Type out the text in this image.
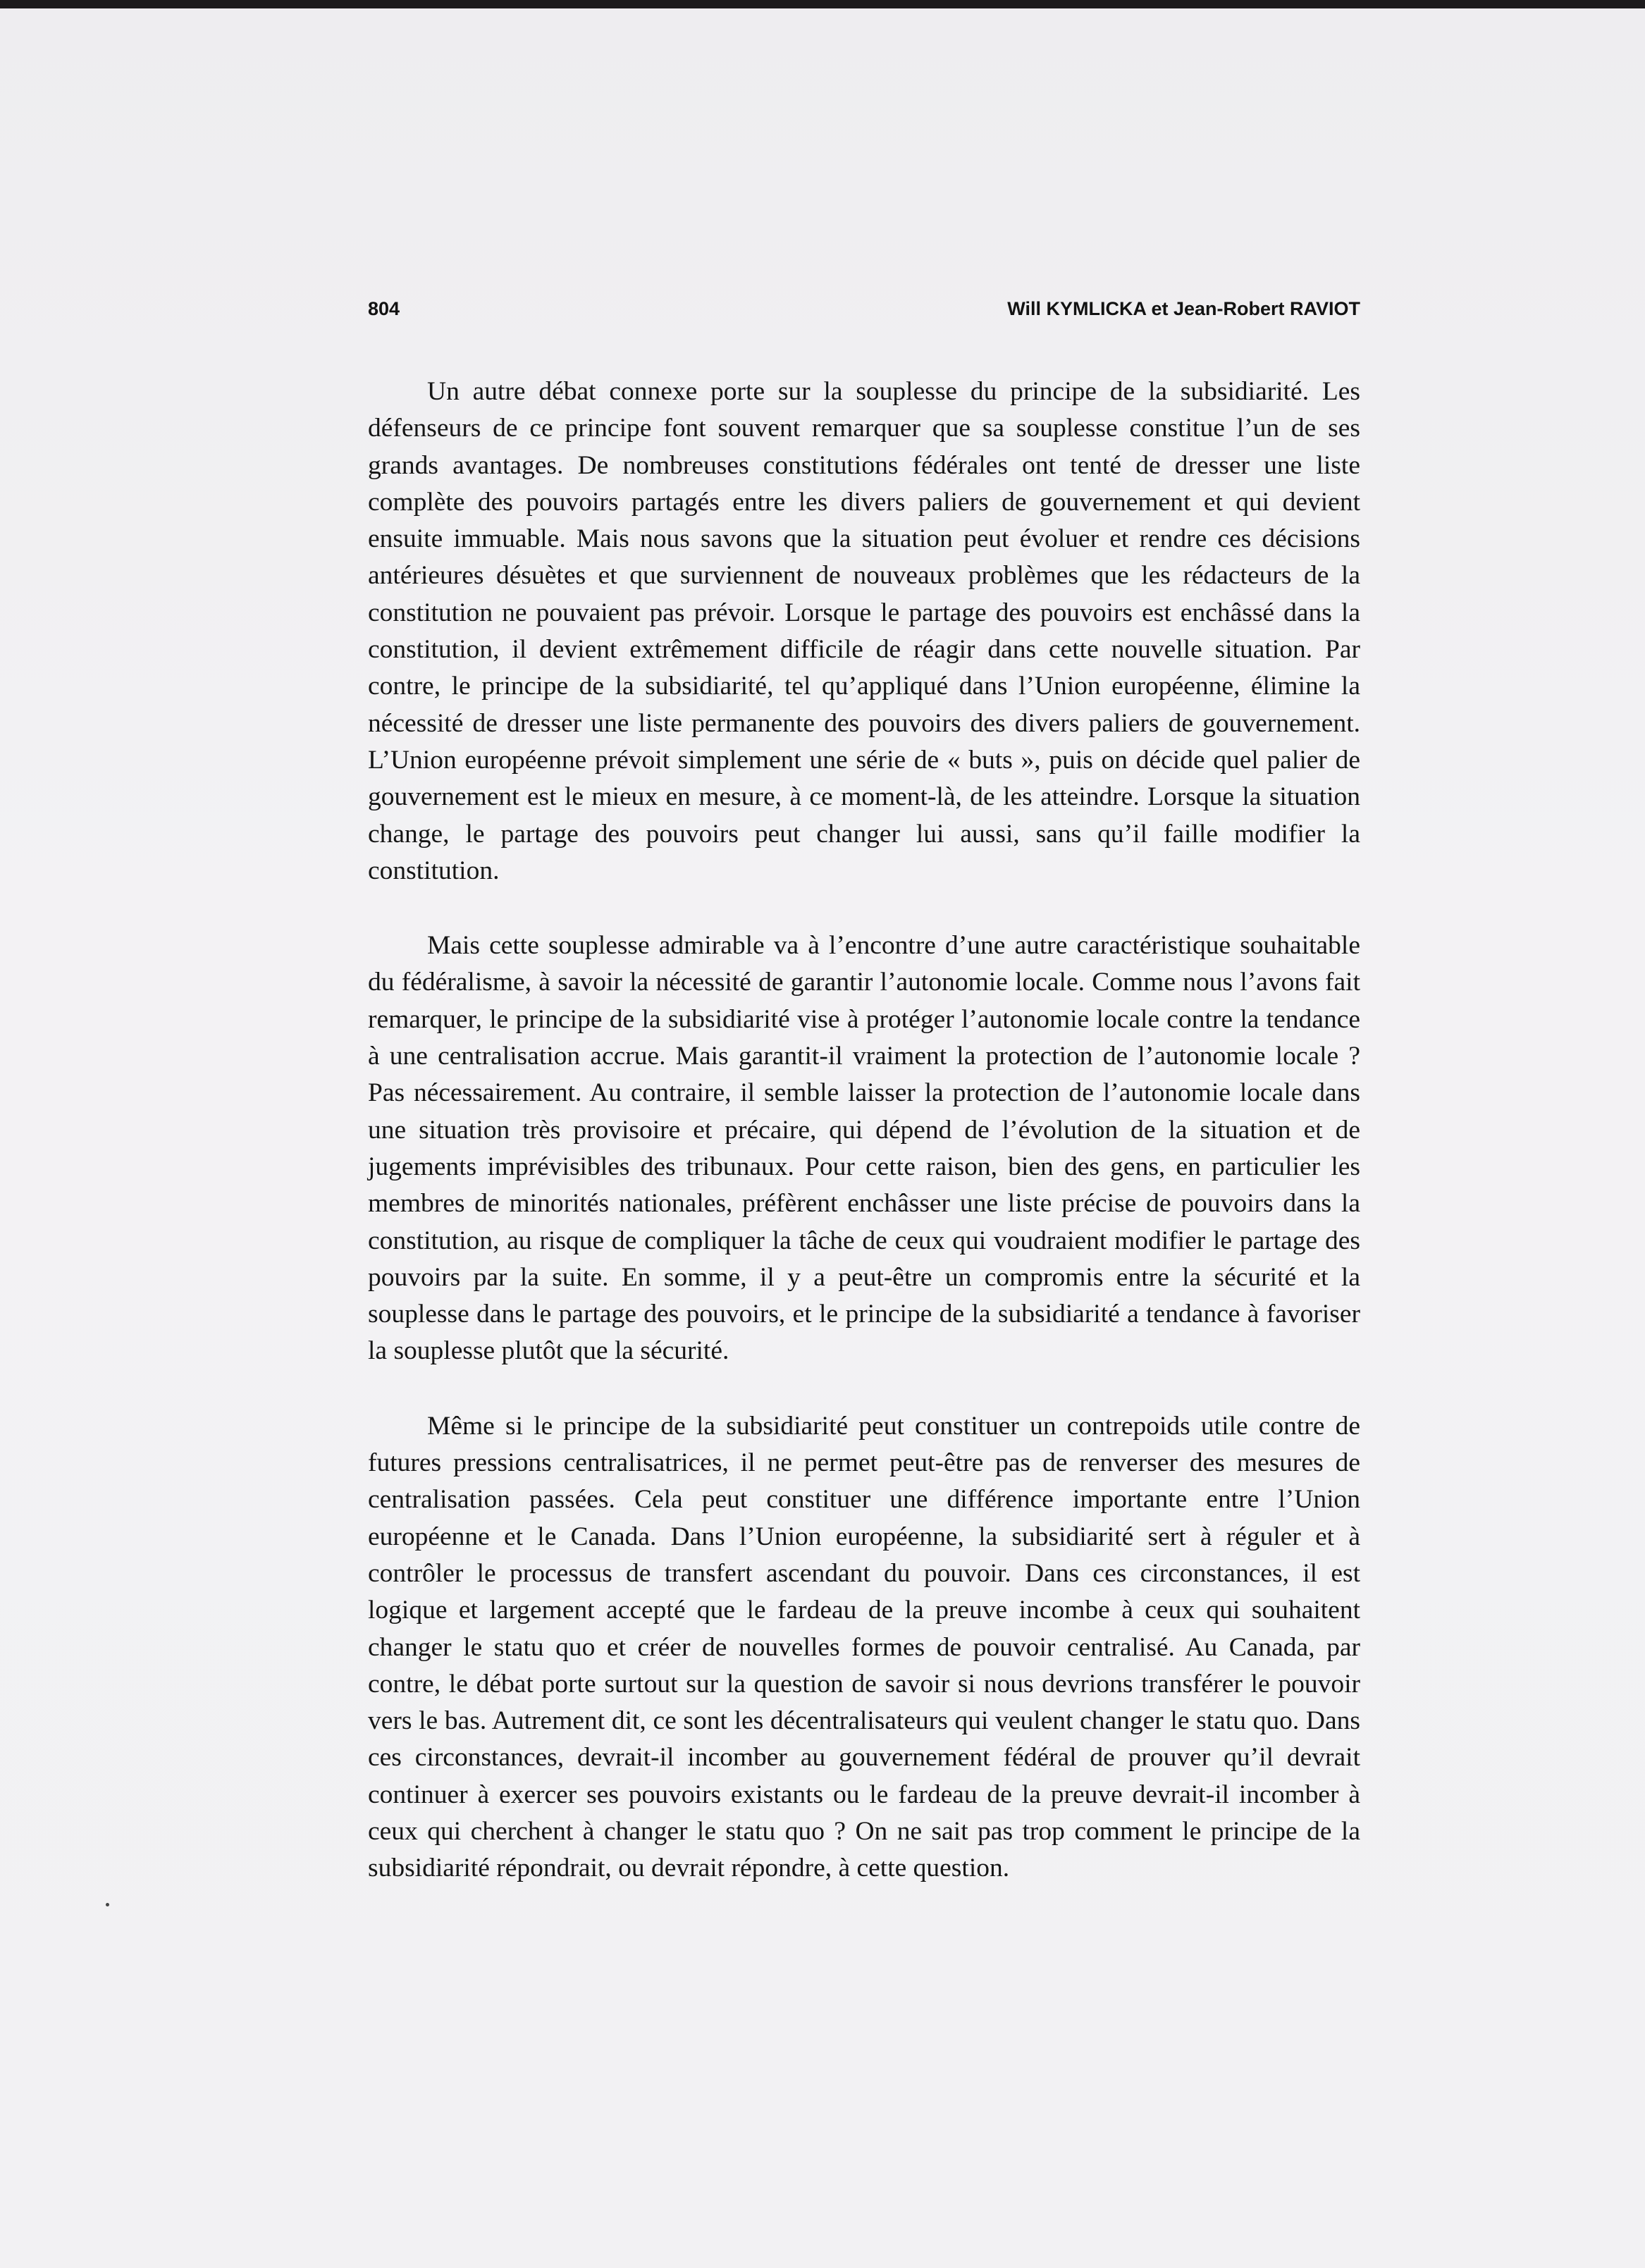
804	Will KYMLICKA et Jean-Robert RAVIOT

Un autre débat connexe porte sur la souplesse du principe de la subsidiarité. Les défenseurs de ce principe font souvent remarquer que sa souplesse constitue l’un de ses grands avantages. De nombreuses constitutions fédérales ont tenté de dresser une liste complète des pouvoirs partagés entre les divers paliers de gouvernement et qui devient ensuite immuable. Mais nous savons que la situation peut évoluer et rendre ces décisions antérieures désuètes et que surviennent de nouveaux problèmes que les rédacteurs de la constitution ne pouvaient pas prévoir. Lorsque le partage des pouvoirs est enchâssé dans la constitution, il devient extrêmement difficile de réagir dans cette nouvelle situation. Par contre, le principe de la subsidiarité, tel qu’appliqué dans l’Union européenne, élimine la nécessité de dresser une liste permanente des pouvoirs des divers paliers de gouvernement. L’Union européenne prévoit simplement une série de « buts », puis on décide quel palier de gouvernement est le mieux en mesure, à ce moment-là, de les atteindre. Lorsque la situation change, le partage des pouvoirs peut changer lui aussi, sans qu’il faille modifier la constitution.

Mais cette souplesse admirable va à l’encontre d’une autre caractéristique souhaitable du fédéralisme, à savoir la nécessité de garantir l’autonomie locale. Comme nous l’avons fait remarquer, le principe de la subsidiarité vise à protéger l’autonomie locale contre la tendance à une centralisation accrue. Mais garantit-il vraiment la protection de l’autonomie locale ? Pas nécessairement. Au contraire, il semble laisser la protection de l’autonomie locale dans une situation très provisoire et précaire, qui dépend de l’évolution de la situation et de jugements imprévisibles des tribunaux. Pour cette raison, bien des gens, en particulier les membres de minorités nationales, préfèrent enchâsser une liste précise de pouvoirs dans la constitution, au risque de compliquer la tâche de ceux qui voudraient modifier le partage des pouvoirs par la suite. En somme, il y a peut-être un compromis entre la sécurité et la souplesse dans le partage des pouvoirs, et le principe de la subsidiarité a tendance à favoriser la souplesse plutôt que la sécurité.

Même si le principe de la subsidiarité peut constituer un contrepoids utile contre de futures pressions centralisatrices, il ne permet peut-être pas de renverser des mesures de centralisation passées. Cela peut constituer une différence importante entre l’Union européenne et le Canada. Dans l’Union européenne, la subsidiarité sert à réguler et à contrôler le processus de transfert ascendant du pouvoir. Dans ces circonstances, il est logique et largement accepté que le fardeau de la preuve incombe à ceux qui souhaitent changer le statu quo et créer de nouvelles formes de pouvoir centralisé. Au Canada, par contre, le débat porte surtout sur la question de savoir si nous devrions transférer le pouvoir vers le bas. Autrement dit, ce sont les décentralisateurs qui veulent changer le statu quo. Dans ces circonstances, devrait-il incomber au gouvernement fédéral de prouver qu’il devrait continuer à exercer ses pouvoirs existants ou le fardeau de la preuve devrait-il incomber à ceux qui cherchent à changer le statu quo ? On ne sait pas trop comment le principe de la subsidiarité répondrait, ou devrait répondre, à cette question.
